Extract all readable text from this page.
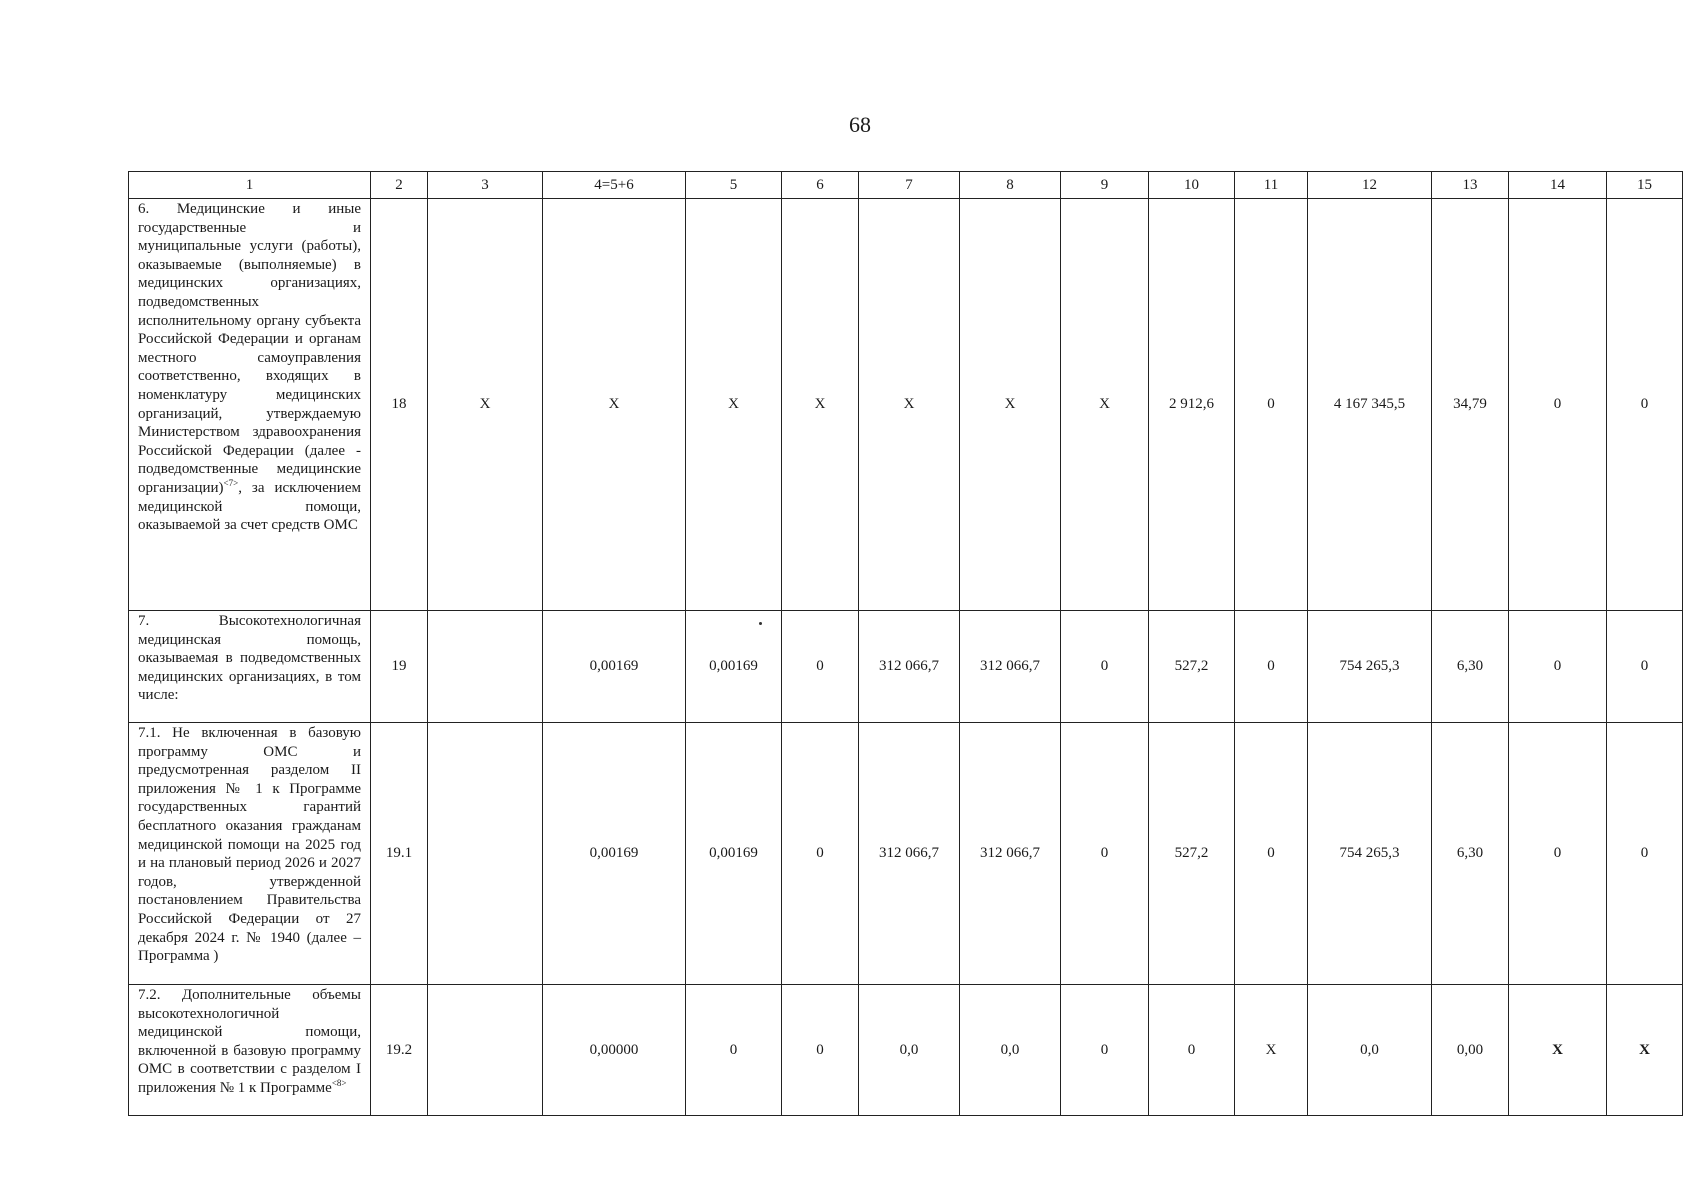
68
1	2	3	4=5+6	5	6	7	8	9	10	11	12	13	14	15
6. Медицинские и иные государственные и муниципальные услуги (работы), оказываемые (выполняемые) в медицинских организациях, подведомственных исполнительному органу субъекта Российской Федерации и органам местного самоуправления соответственно, входящих в номенклатуру медицинских организаций, утверждаемую Министерством здравоохранения Российской Федерации (далее - подведомственные медицинские организации)$^{<7>}$, за исключением медицинской помощи, оказываемой за счет средств ОМС	18	X	X	X	X	X	X	X	2 912,6	0	4 167 345,5	34,79	0	0
7. Высокотехнологичная медицинская помощь, оказываемая в подведомственных медицинских организациях, в том числе:	19		0,00169	0,00169	0	312 066,7	312 066,7	0	527,2	0	754 265,3	6,30	0	0
7.1. Не включенная в базовую программу ОМС и предусмотренная разделом II приложения № 1 к Программе государственных гарантий бесплатного оказания гражданам медицинской помощи на 2025 год и на плановый период 2026 и 2027 годов, утвержденной постановлением Правительства Российской Федерации от 27 декабря 2024 г. № 1940 (далее – Программа )	19.1		0,00169	0,00169	0	312 066,7	312 066,7	0	527,2	0	754 265,3	6,30	0	0
7.2. Дополнительные объемы высокотехнологичной медицинской помощи, включенной в базовую программу ОМС в соответствии с разделом I приложения № 1 к Программе$^{<8>}$	19.2		0,00000	0	0	0,0	0,0	0	0	X	0,0	0,00	X	X
